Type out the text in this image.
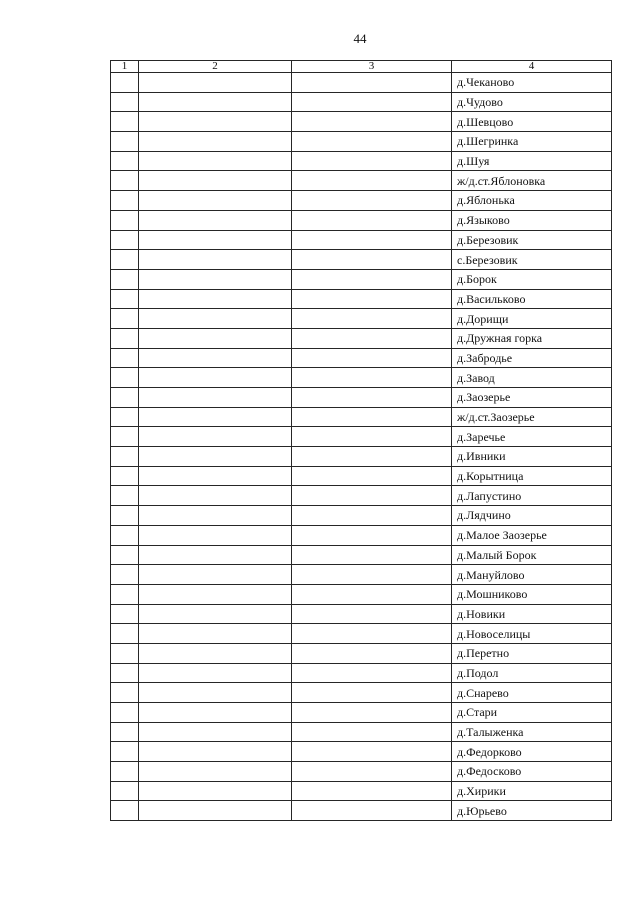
44
1	2	3	4
			д.Чеканово
			д.Чудово
			д.Шевцово
			д.Шегринка
			д.Шуя
			ж/д.ст.Яблоновка
			д.Яблонька
			д.Языково
			д.Березовик
			с.Березовик
			д.Борок
			д.Васильково
			д.Дорищи
			д.Дружная горка
			д.Забродье
			д.Завод
			д.Заозерье
			ж/д.ст.Заозерье
			д.Заречье
			д.Ивники
			д.Корытница
			д.Лапустино
			д.Лядчино
			д.Малое Заозерье
			д.Малый Борок
			д.Мануйлово
			д.Мошниково
			д.Новики
			д.Новоселицы
			д.Перетно
			д.Подол
			д.Снарево
			д.Стари
			д.Талыженка
			д.Федорково
			д.Федосково
			д.Хирики
			д.Юрьево
